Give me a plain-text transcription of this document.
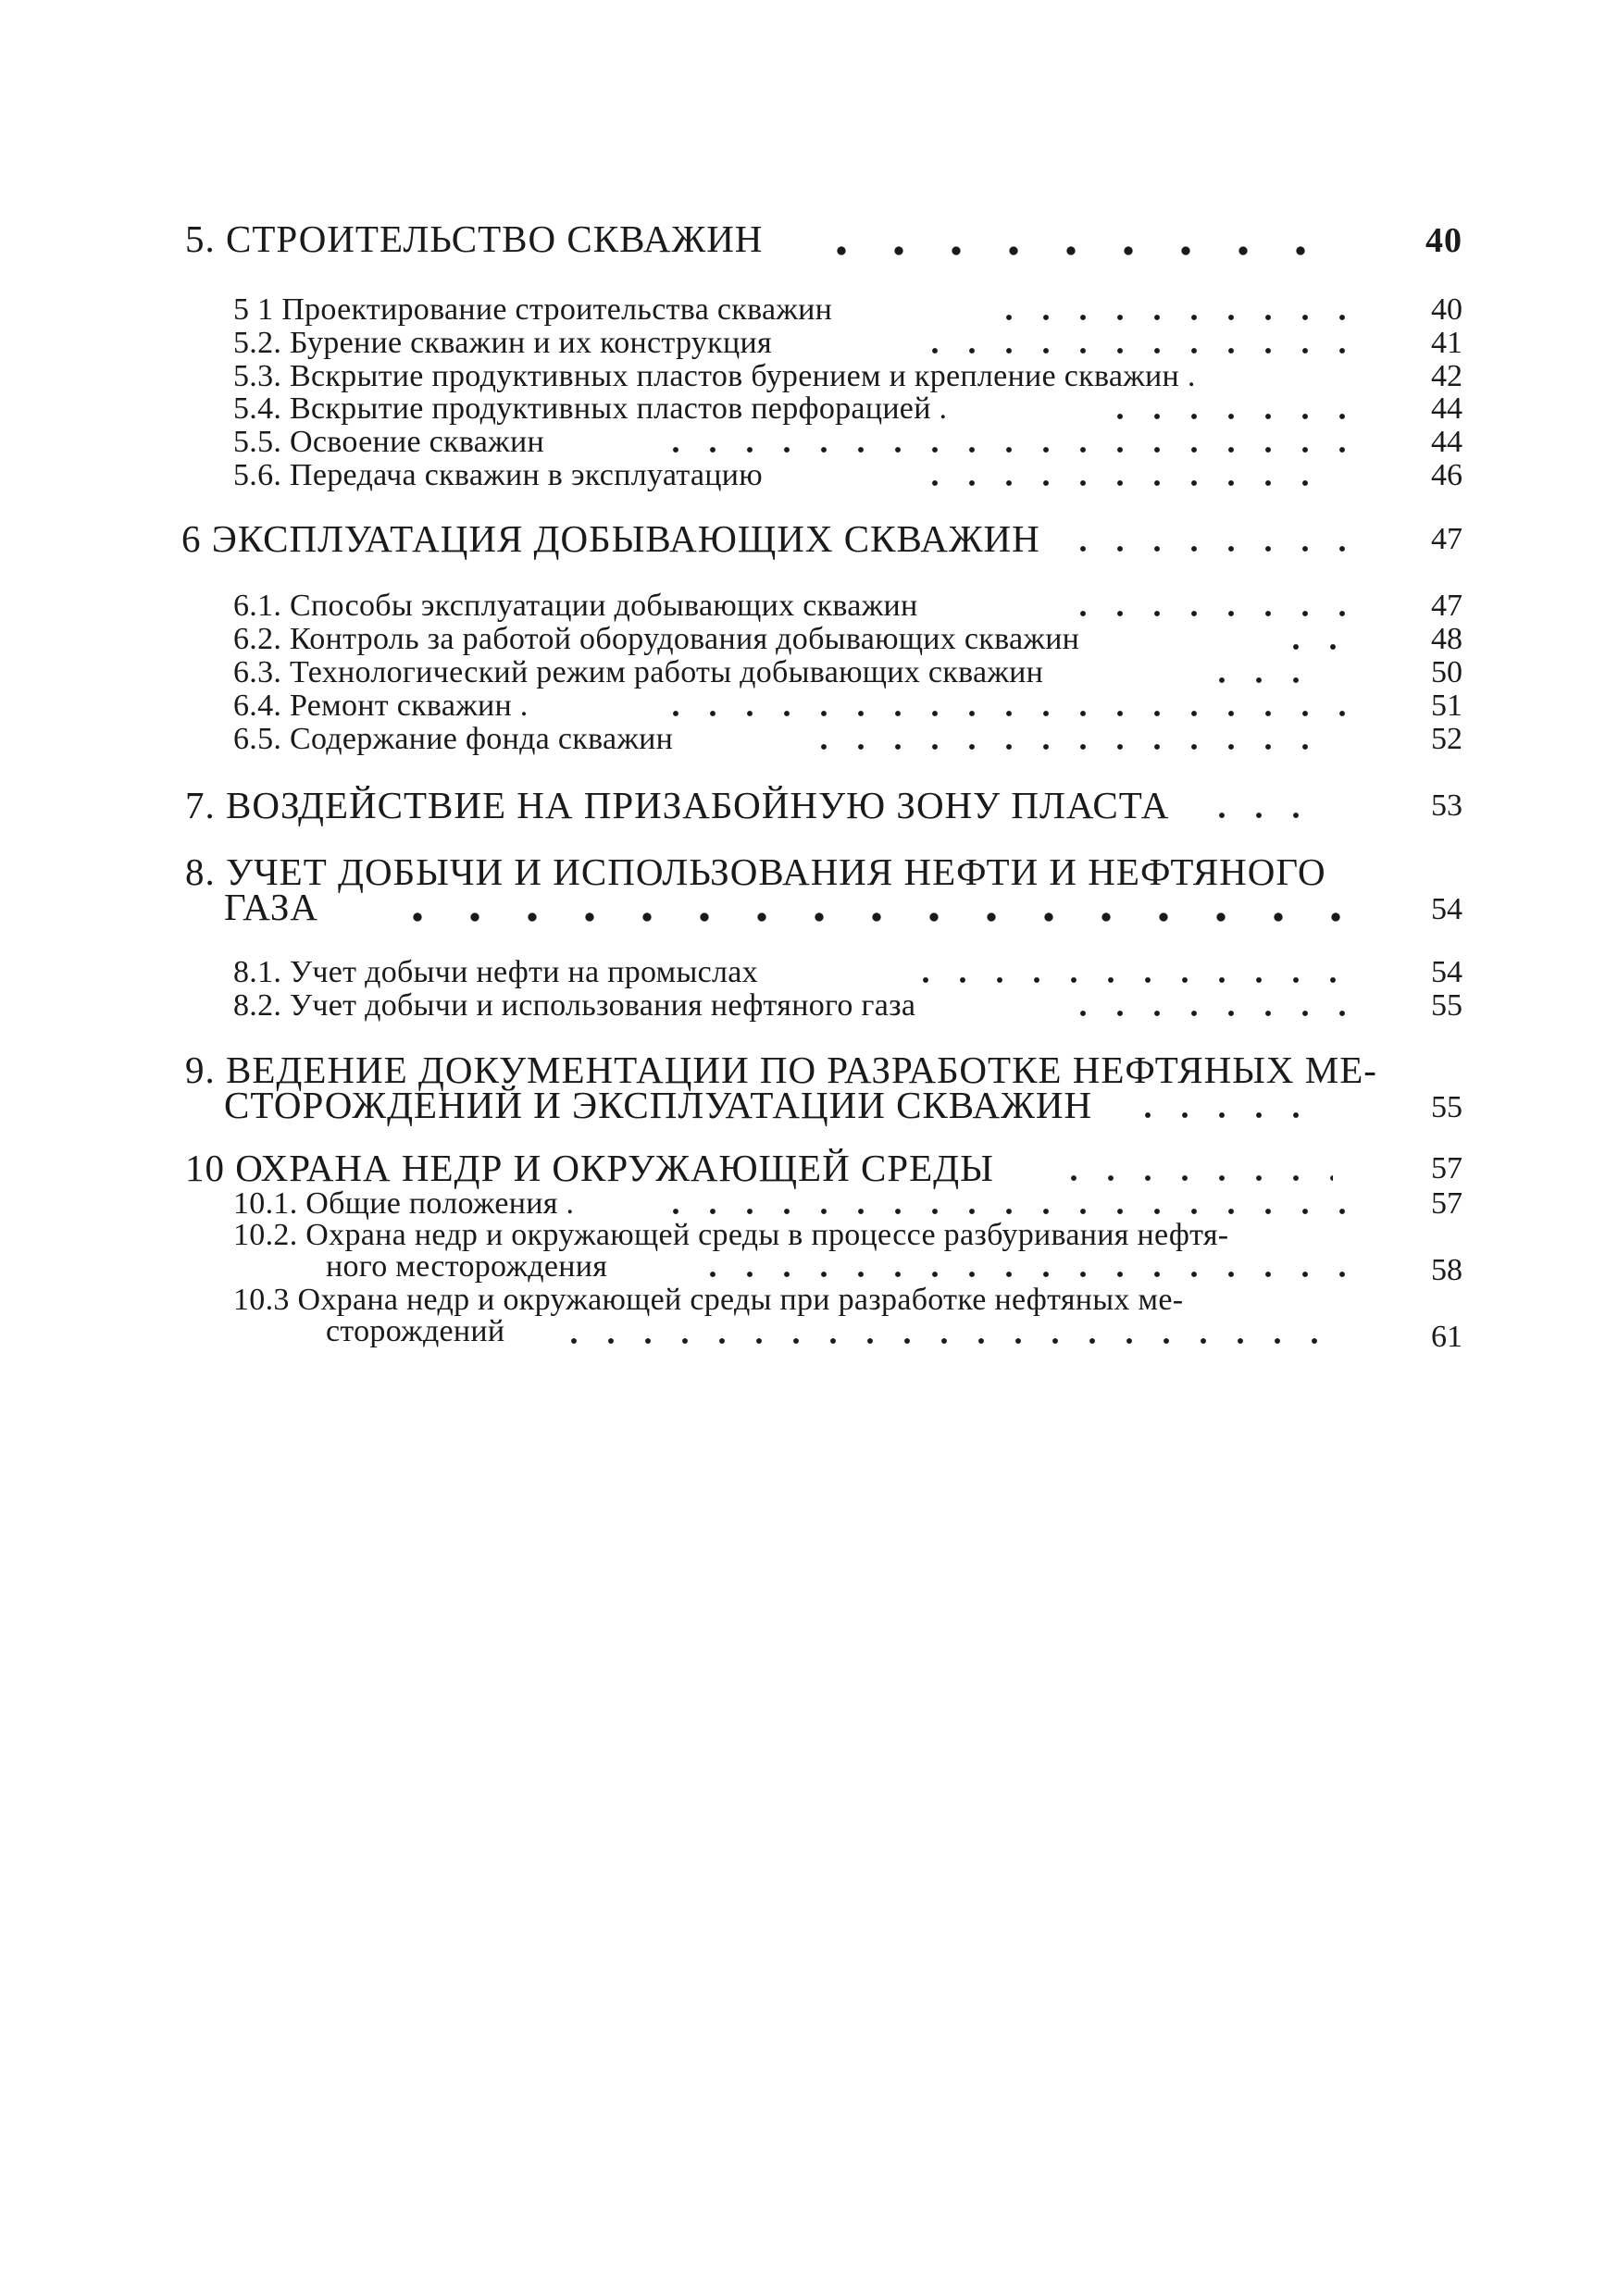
5. СТРОИТЕЛЬСТВО СКВАЖИН	40
5 1 Проектирование строительства скважин	40
5.2. Бурение скважин и их конструкция	41
5.3. Вскрытие продуктивных пластов бурением и крепление скважин .	42
5.4. Вскрытие продуктивных пластов перфорацией .	44
5.5. Освоение скважин	44
5.6. Передача скважин в эксплуатацию	46
6 ЭКСПЛУАТАЦИЯ ДОБЫВАЮЩИХ СКВАЖИН	47
6.1. Способы эксплуатации добывающих скважин	47
6.2. Контроль за работой оборудования добывающих скважин	48
6.3. Технологический режим работы добывающих скважин	50
6.4. Ремонт скважин .	51
6.5. Содержание фонда скважин	52
7. ВОЗДЕЙСТВИЕ НА ПРИЗАБОЙНУЮ ЗОНУ ПЛАСТА	53
8. УЧЕТ ДОБЫЧИ И ИСПОЛЬЗОВАНИЯ НЕФТИ И НЕФТЯНОГО
ГАЗА	54
8.1. Учет добычи нефти на промыслах	54
8.2. Учет добычи и использования нефтяного газа	55
9. ВЕДЕНИЕ ДОКУМЕНТАЦИИ ПО РАЗРАБОТКЕ НЕФТЯНЫХ МЕ-
СТОРОЖДЕНИЙ И ЭКСПЛУАТАЦИИ СКВАЖИН	55
10 ОХРАНА НЕДР И ОКРУЖАЮЩЕЙ СРЕДЫ	57
10.1. Общие положения .	57
10.2. Охрана недр и окружающей среды в процессе разбуривания нефтя-
ного месторождения	58
10.3 Охрана недр и окружающей среды при разработке нефтяных ме-
сторождений	61
